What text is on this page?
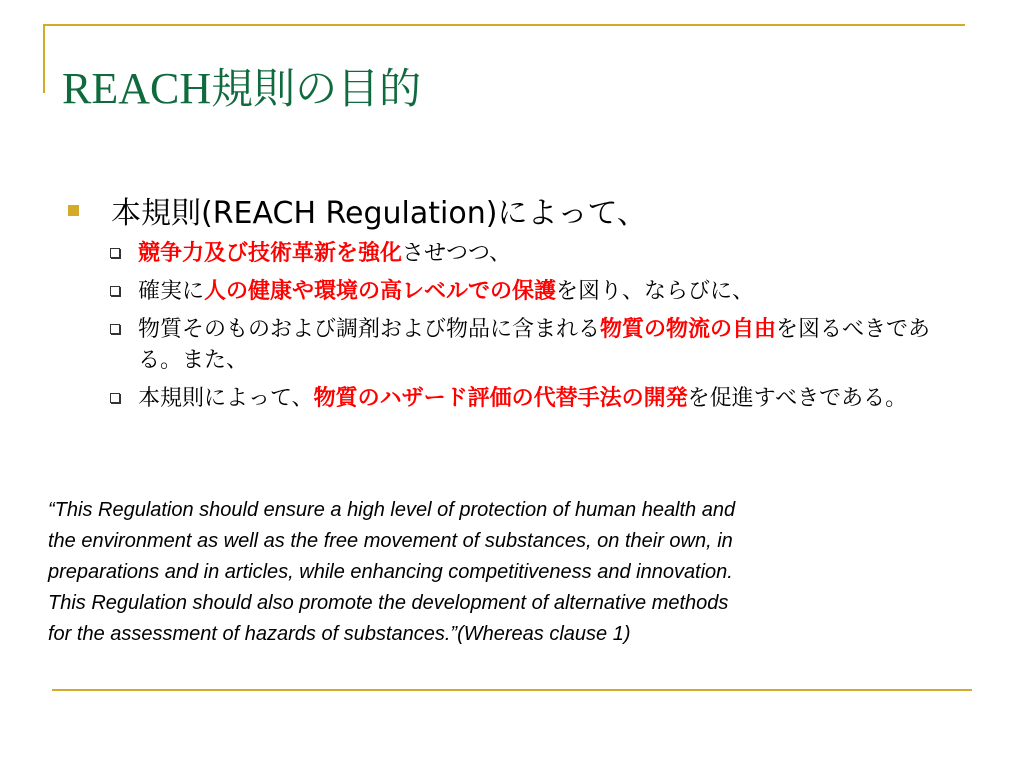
REACH 規則の目的
本規則(REACH Regulation)によって、
競争力及び技術革新を強化させつつ、
確実に人の健康や環境の高レベルでの保護を図り、ならびに、
物質そのものおよび調剤および物品に含まれる物質の物流の自由を図るべきである。また、
本規則によって、物質のハザード評価の代替手法の開発を促進すべきである。
“This Regulation should ensure a high level of protection of human health and
the environment as well as the free movement of substances, on their own, in
preparations and in articles, while enhancing competitiveness and innovation.
This Regulation should also promote the development of alternative methods
for the assessment of hazards of substances.”(Whereas clause 1)
